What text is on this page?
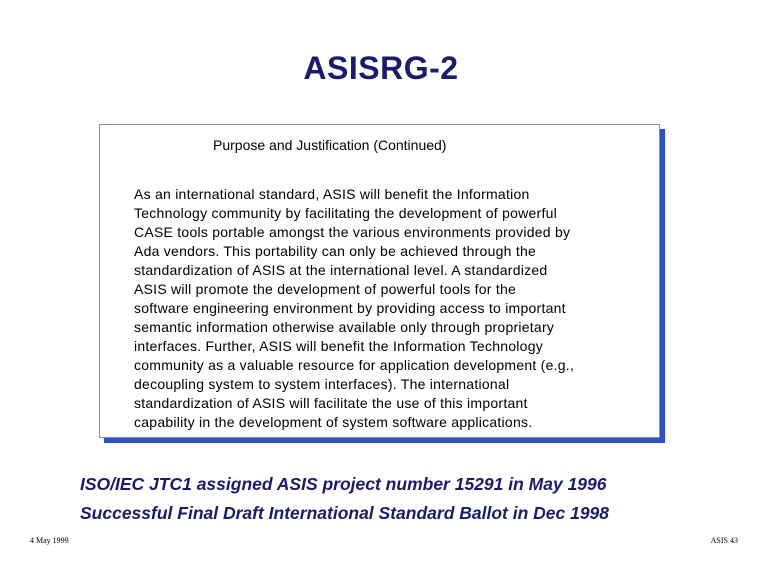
ASISRG-2
Purpose and Justification (Continued)
As an international standard, ASIS will benefit the Information
Technology community by facilitating the development of powerful
CASE tools portable amongst the various environments provided by
Ada vendors. This portability can only be achieved through the
standardization of ASIS at the international level. A standardized
ASIS will promote the development of powerful tools for the
software engineering environment by providing access to important
semantic information otherwise available only through proprietary
interfaces. Further, ASIS will benefit the Information Technology
community as a valuable resource for application development (e.g.,
decoupling system to system interfaces). The international
standardization of ASIS will facilitate the use of this important
capability in the development of system software applications.
ISO/IEC JTC1 assigned ASIS project number 15291 in May 1996
Successful Final Draft International Standard Ballot in Dec 1998
4 May 1999	ASIS 43
